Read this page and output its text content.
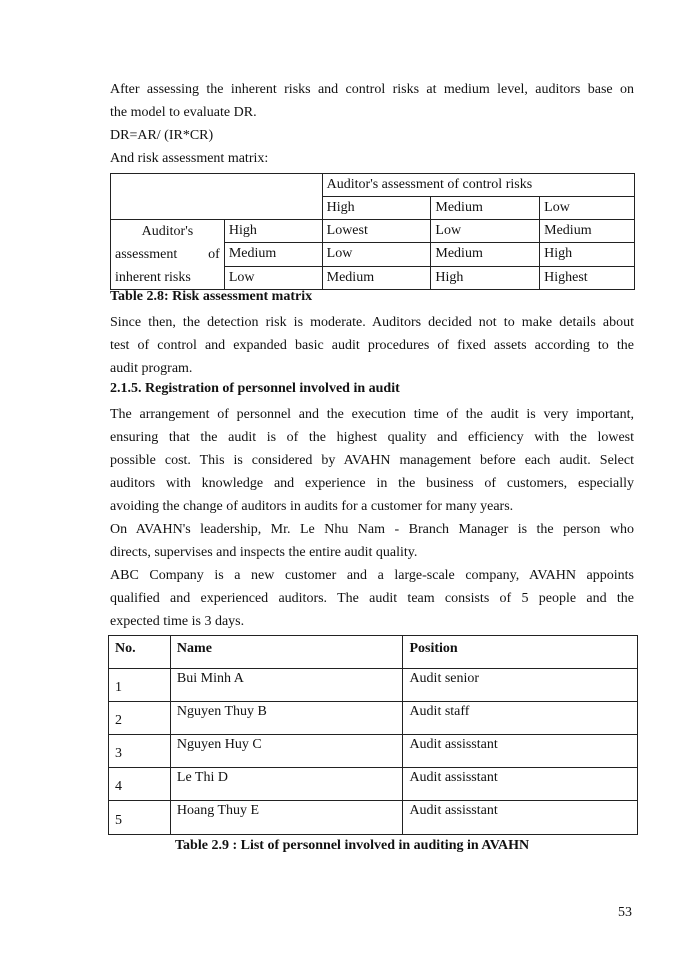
After assessing the inherent risks and control risks at medium level, auditors base on
the model to evaluate DR.
DR=AR/ (IR*CR)
And risk assessment matrix:
		Auditor's assessment of control risks		
		High	Medium	Low

Auditor's
assessment of
inherent risks	High	Lowest	Low	Medium
	Medium	Low	Medium	High
	Low	Medium	High	Highest
Table 2.8: Risk assessment matrix
Since then, the detection risk is moderate. Auditors decided not to make details about
test of control and expanded basic audit procedures of fixed assets according to the
audit program.
2.1.5. Registration of personnel involved in audit
The arrangement of personnel and the execution time of the audit is very important,
ensuring that the audit is of the highest quality and efficiency with the lowest
possible cost. This is considered by AVAHN management before each audit. Select
auditors with knowledge and experience in the business of customers, especially
avoiding the change of auditors in audits for a customer for many years.
On AVAHN's leadership, Mr. Le Nhu Nam - Branch Manager is the person who
directs, supervises and inspects the entire audit quality.
ABC Company is a new customer and a large-scale company, AVAHN appoints
qualified and experienced auditors. The audit team consists of 5 people and the
expected time is 3 days.
No.	Name	Position
1	Bui Minh A	Audit senior
2	Nguyen Thuy B	Audit staff
3	Nguyen Huy C	Audit assisstant
4	Le Thi D	Audit assisstant
5	Hoang Thuy E	Audit assisstant
Table 2.9 : List of personnel involved in auditing in AVAHN
53
